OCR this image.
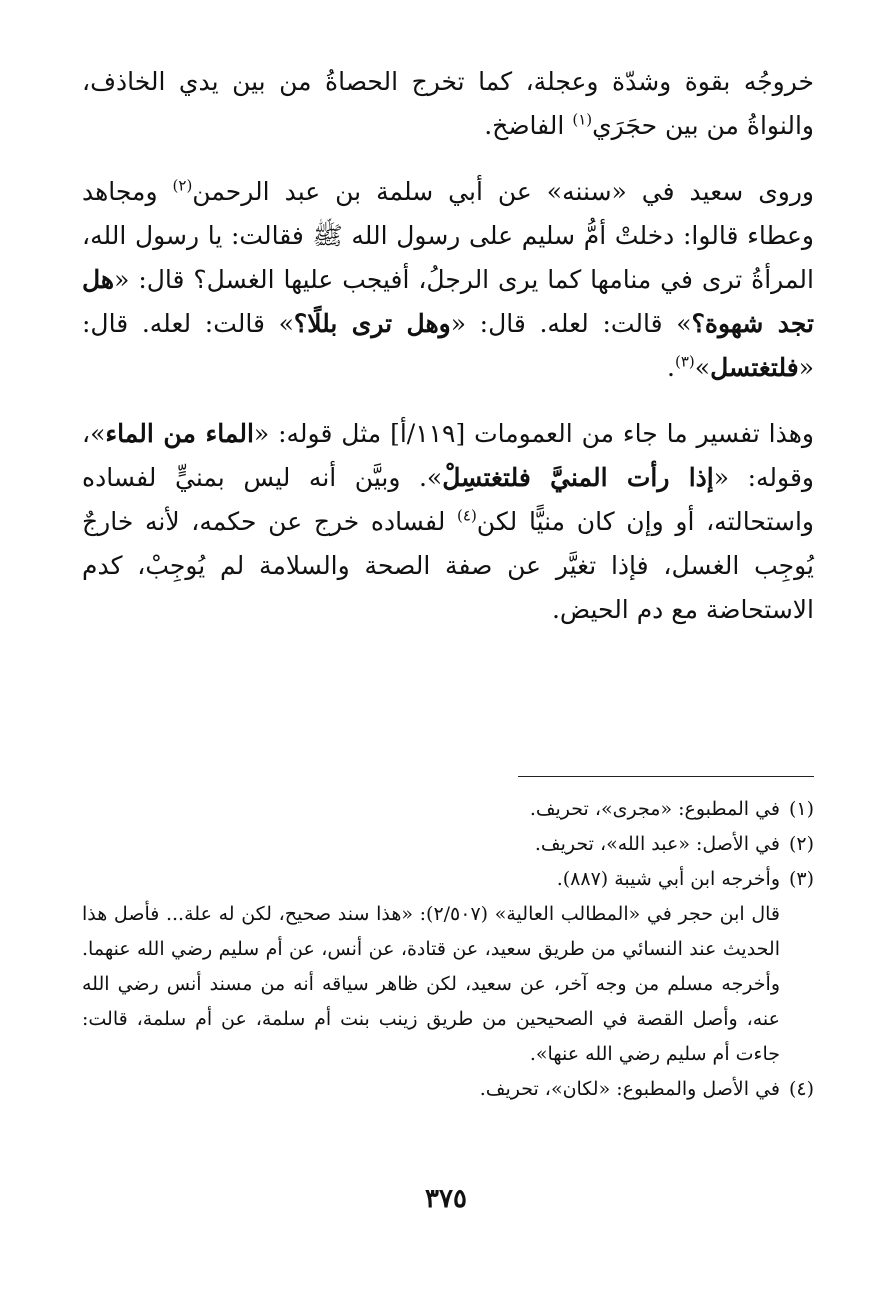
خروجُه بقوة وشدّة وعجلة، كما تخرج الحصاةُ من بين يدي الخاذف، والنواةُ من بين حجَرَي$^{(١)}$ الفاضخ.

وروى سعيد في «سننه» عن أبي سلمة بن عبد الرحمن$^{(٢)}$ ومجاهد وعطاء قالوا: دخلتْ أمُّ سليم على رسول الله ﷺ فقالت: يا رسول الله، المرأةُ ترى في منامها كما يرى الرجلُ، أفيجب عليها الغسل؟ قال: «هل تجد شهوة؟» قالت: لعله. قال: «وهل ترى بللًا؟» قالت: لعله. قال: «فلتغتسل»$^{(٣)}$.

وهذا تفسير ما جاء من العمومات [١١٩/أ] مثل قوله: «الماء من الماء»، وقوله: «إذا رأت المنيَّ فلتغتسِلْ». وبيَّن أنه ليس بمنيٍّ لفساده واستحالته، أو وإن كان منيًّا لكن$^{(٤)}$ لفساده خرج عن حكمه، لأنه خارجٌ يُوجِب الغسل، فإذا تغيَّر عن صفة الصحة والسلامة لم يُوجِبْ، كدم الاستحاضة مع دم الحيض.

(١)
في المطبوع: «مجرى»، تحريف.
(٢)
في الأصل: «عبد الله»، تحريف.
(٣)
وأخرجه ابن أبي شيبة (٨٨٧).

قال ابن حجر في «المطالب العالية» (٢/٥٠٧): «هذا سند صحيح، لكن له علة... فأصل هذا الحديث عند النسائي من طريق سعيد، عن قتادة، عن أنس، عن أم سليم رضي الله عنهما. وأخرجه مسلم من وجه آخر، عن سعيد، لكن ظاهر سياقه أنه من مسند أنس رضي الله عنه، وأصل القصة في الصحيحين من طريق زينب بنت أم سلمة، عن أم سلمة، قالت: جاءت أم سليم رضي الله عنها».

(٤)
في الأصل والمطبوع: «لكان»، تحريف.
٣٧٥
